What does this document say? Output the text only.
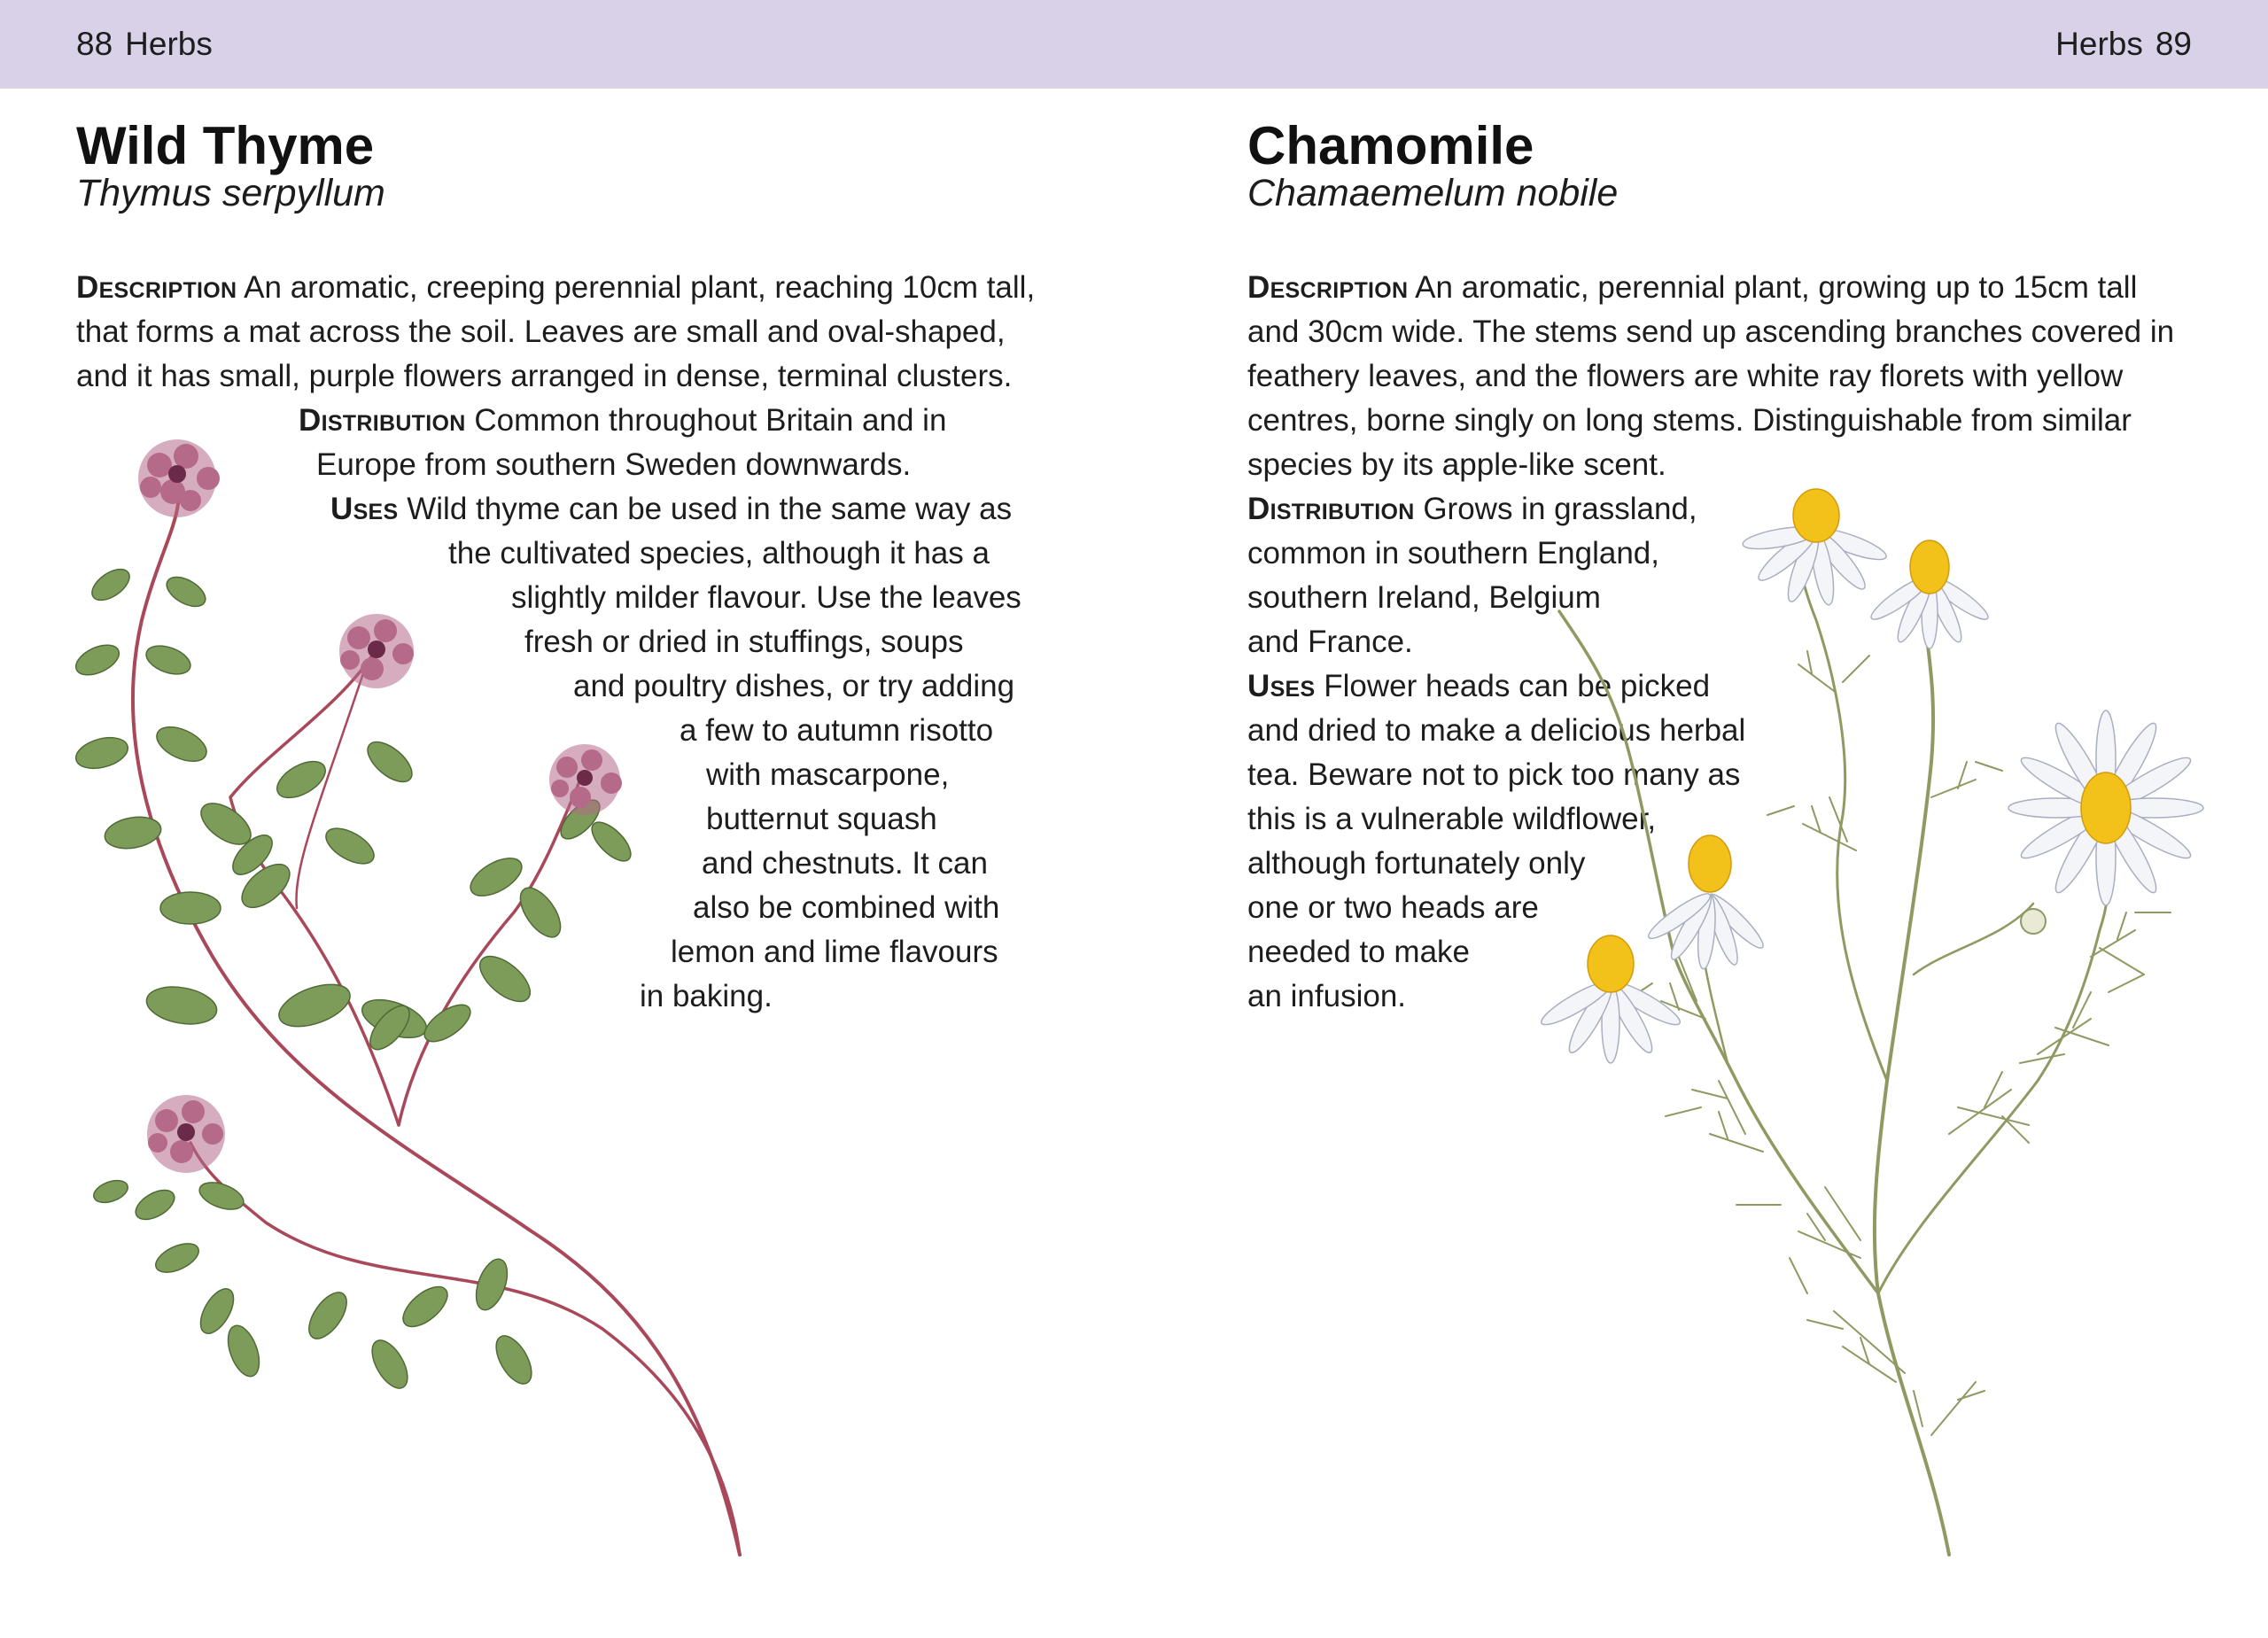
88 Herbs	Herbs 89
Wild Thyme
Thymus serpyllum
Description An aromatic, creeping perennial plant, reaching 10cm tall,
that forms a mat across the soil. Leaves are small and oval-shaped,
and it has small, purple flowers arranged in dense, terminal clusters.
Distribution Common throughout Britain and in
Europe from southern Sweden downwards.
Uses Wild thyme can be used in the same way as
the cultivated species, although it has a
slightly milder flavour. Use the leaves
fresh or dried in stuffings, soups
and poultry dishes, or try adding
a few to autumn risotto
with mascarpone,
butternut squash
and chestnuts. It can
also be combined with
lemon and lime flavours
in baking.
Chamomile
Chamaemelum nobile
Description An aromatic, perennial plant, growing up to 15cm tall
and 30cm wide. The stems send up ascending branches covered in
feathery leaves, and the flowers are white ray florets with yellow
centres, borne singly on long stems. Distinguishable from similar
species by its apple-like scent.
Distribution Grows in grassland,
common in southern England,
southern Ireland, Belgium
and France.
Uses Flower heads can be picked
and dried to make a delicious herbal
tea. Beware not to pick too many as
this is a vulnerable wildflower,
although fortunately only
one or two heads are
needed to make
an infusion.
